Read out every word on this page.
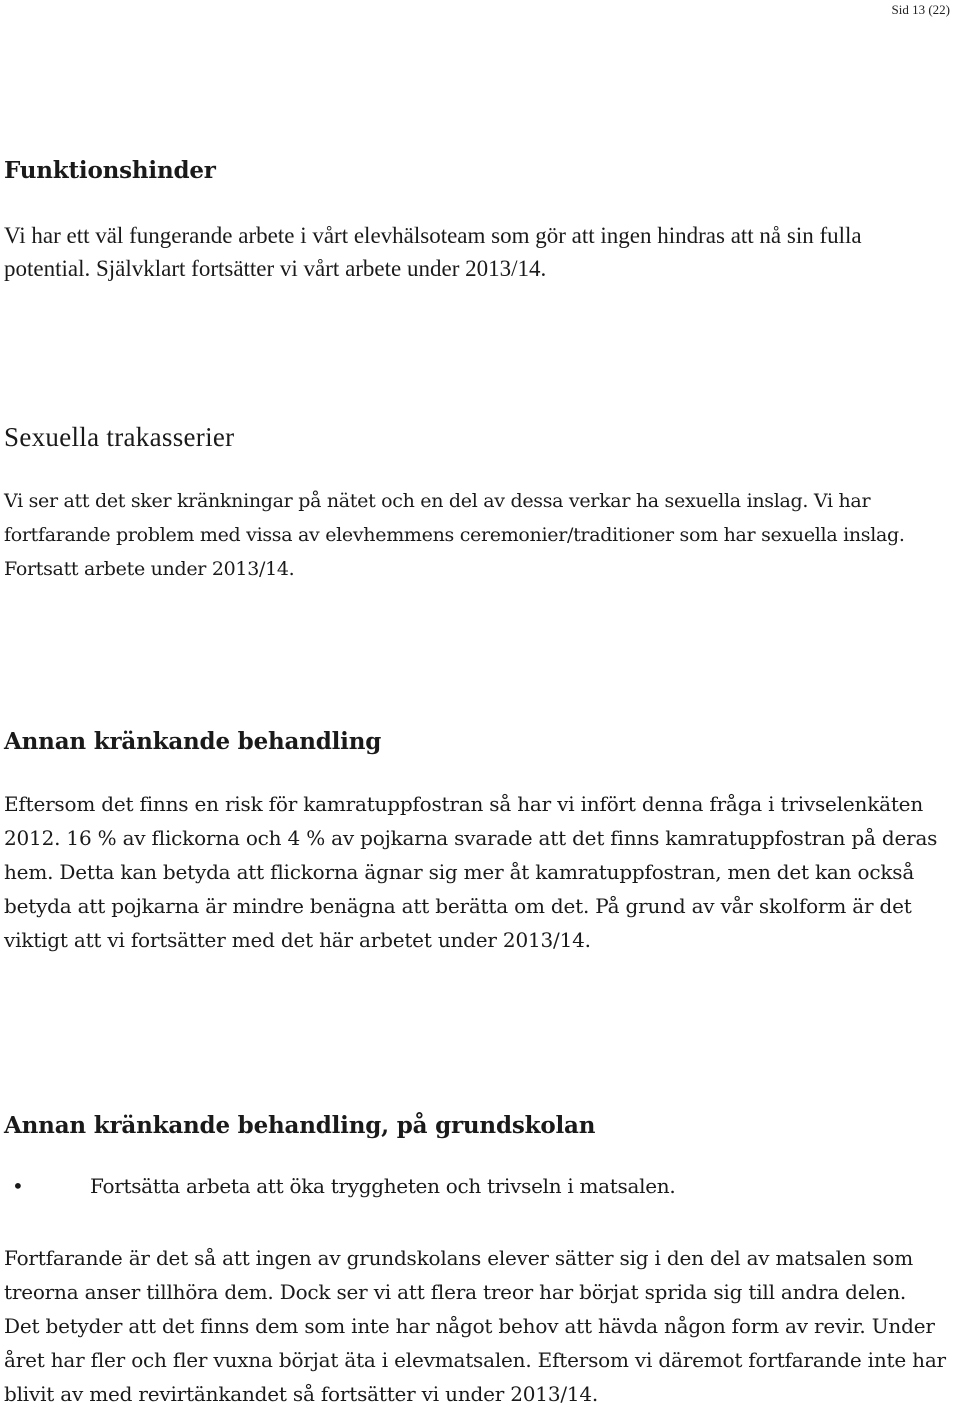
Sid 13 (22)
Funktionshinder

Vi har ett väl fungerande arbete i vårt elevhälsoteam som gör att ingen hindras att nå sin fulla potential. Självklart fortsätter vi vårt arbete under 2013/14.

Sexuella trakasserier

Vi ser att det sker kränkningar på nätet och en del av dessa verkar ha sexuella inslag. Vi har fortfarande problem med vissa av elevhemmens ceremonier/traditioner som har sexuella inslag. Fortsatt arbete under 2013/14.

Annan kränkande behandling

Eftersom det finns en risk för kamratuppfostran så har vi infört denna fråga i trivselenkäten 2012. 16 % av flickorna och 4 % av pojkarna svarade att det finns kamratuppfostran på deras hem. Detta kan betyda att flickorna ägnar sig mer åt kamratuppfostran, men det kan också betyda att pojkarna är mindre benägna att berätta om det. På grund av vår skolform är det viktigt att vi fortsätter med det här arbetet under 2013/14.

Annan kränkande behandling, på grundskolan
•	Fortsätta arbeta att öka tryggheten och trivseln i matsalen.

Fortfarande är det så att ingen av grundskolans elever sätter sig i den del av matsalen som treorna anser tillhöra dem. Dock ser vi att flera treor har börjat sprida sig till andra delen. Det betyder att det finns dem som inte har något behov att hävda någon form av revir. Under året har fler och fler vuxna börjat äta i elevmatsalen. Eftersom vi däremot fortfarande inte har blivit av med revirtänkandet så fortsätter vi under 2013/14.
